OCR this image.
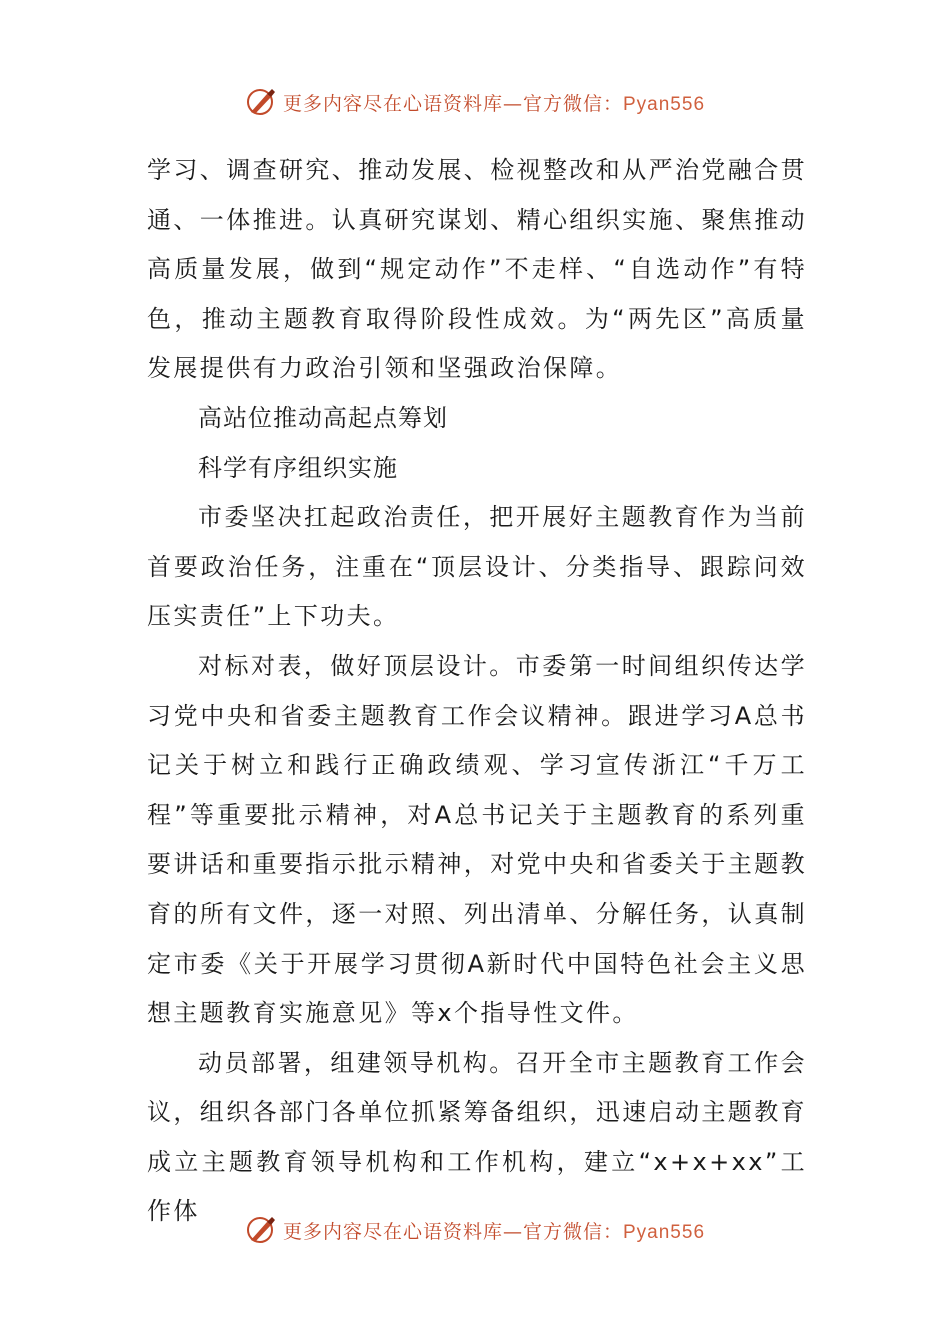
更多内容尽在心语资料库—官方微信：Pyan556

学习、调查研究、推动发展、检视整改和从严治党融合贯通、一体推进。认真研究谋划、精心组织实施、聚焦推动高质量发展，做到“规定动作”不走样、“自选动作”有特色，推动主题教育取得阶段性成效。为“两先区”高质量发展提供有力政治引领和坚强政治保障。

高站位推动高起点筹划

科学有序组织实施

市委坚决扛起政治责任，把开展好主题教育作为当前首要政治任务，注重在“顶层设计、分类指导、跟踪问效压实责任”上下功夫。

对标对表，做好顶层设计。市委第一时间组织传达学习党中央和省委主题教育工作会议精神。跟进学习A总书记关于树立和践行正确政绩观、学习宣传浙江“千万工程”等重要批示精神，对A总书记关于主题教育的系列重要讲话和重要指示批示精神，对党中央和省委关于主题教育的所有文件，逐一对照、列出清单、分解任务，认真制定市委《关于开展学习贯彻A新时代中国特色社会主义思想主题教育实施意见》等x个指导性文件。

动员部署，组建领导机构。召开全市主题教育工作会议，组织各部门各单位抓紧筹备组织，迅速启动主题教育成立主题教育领导机构和工作机构，建立“x+x+xx”工作体

更多内容尽在心语资料库—官方微信：Pyan556
